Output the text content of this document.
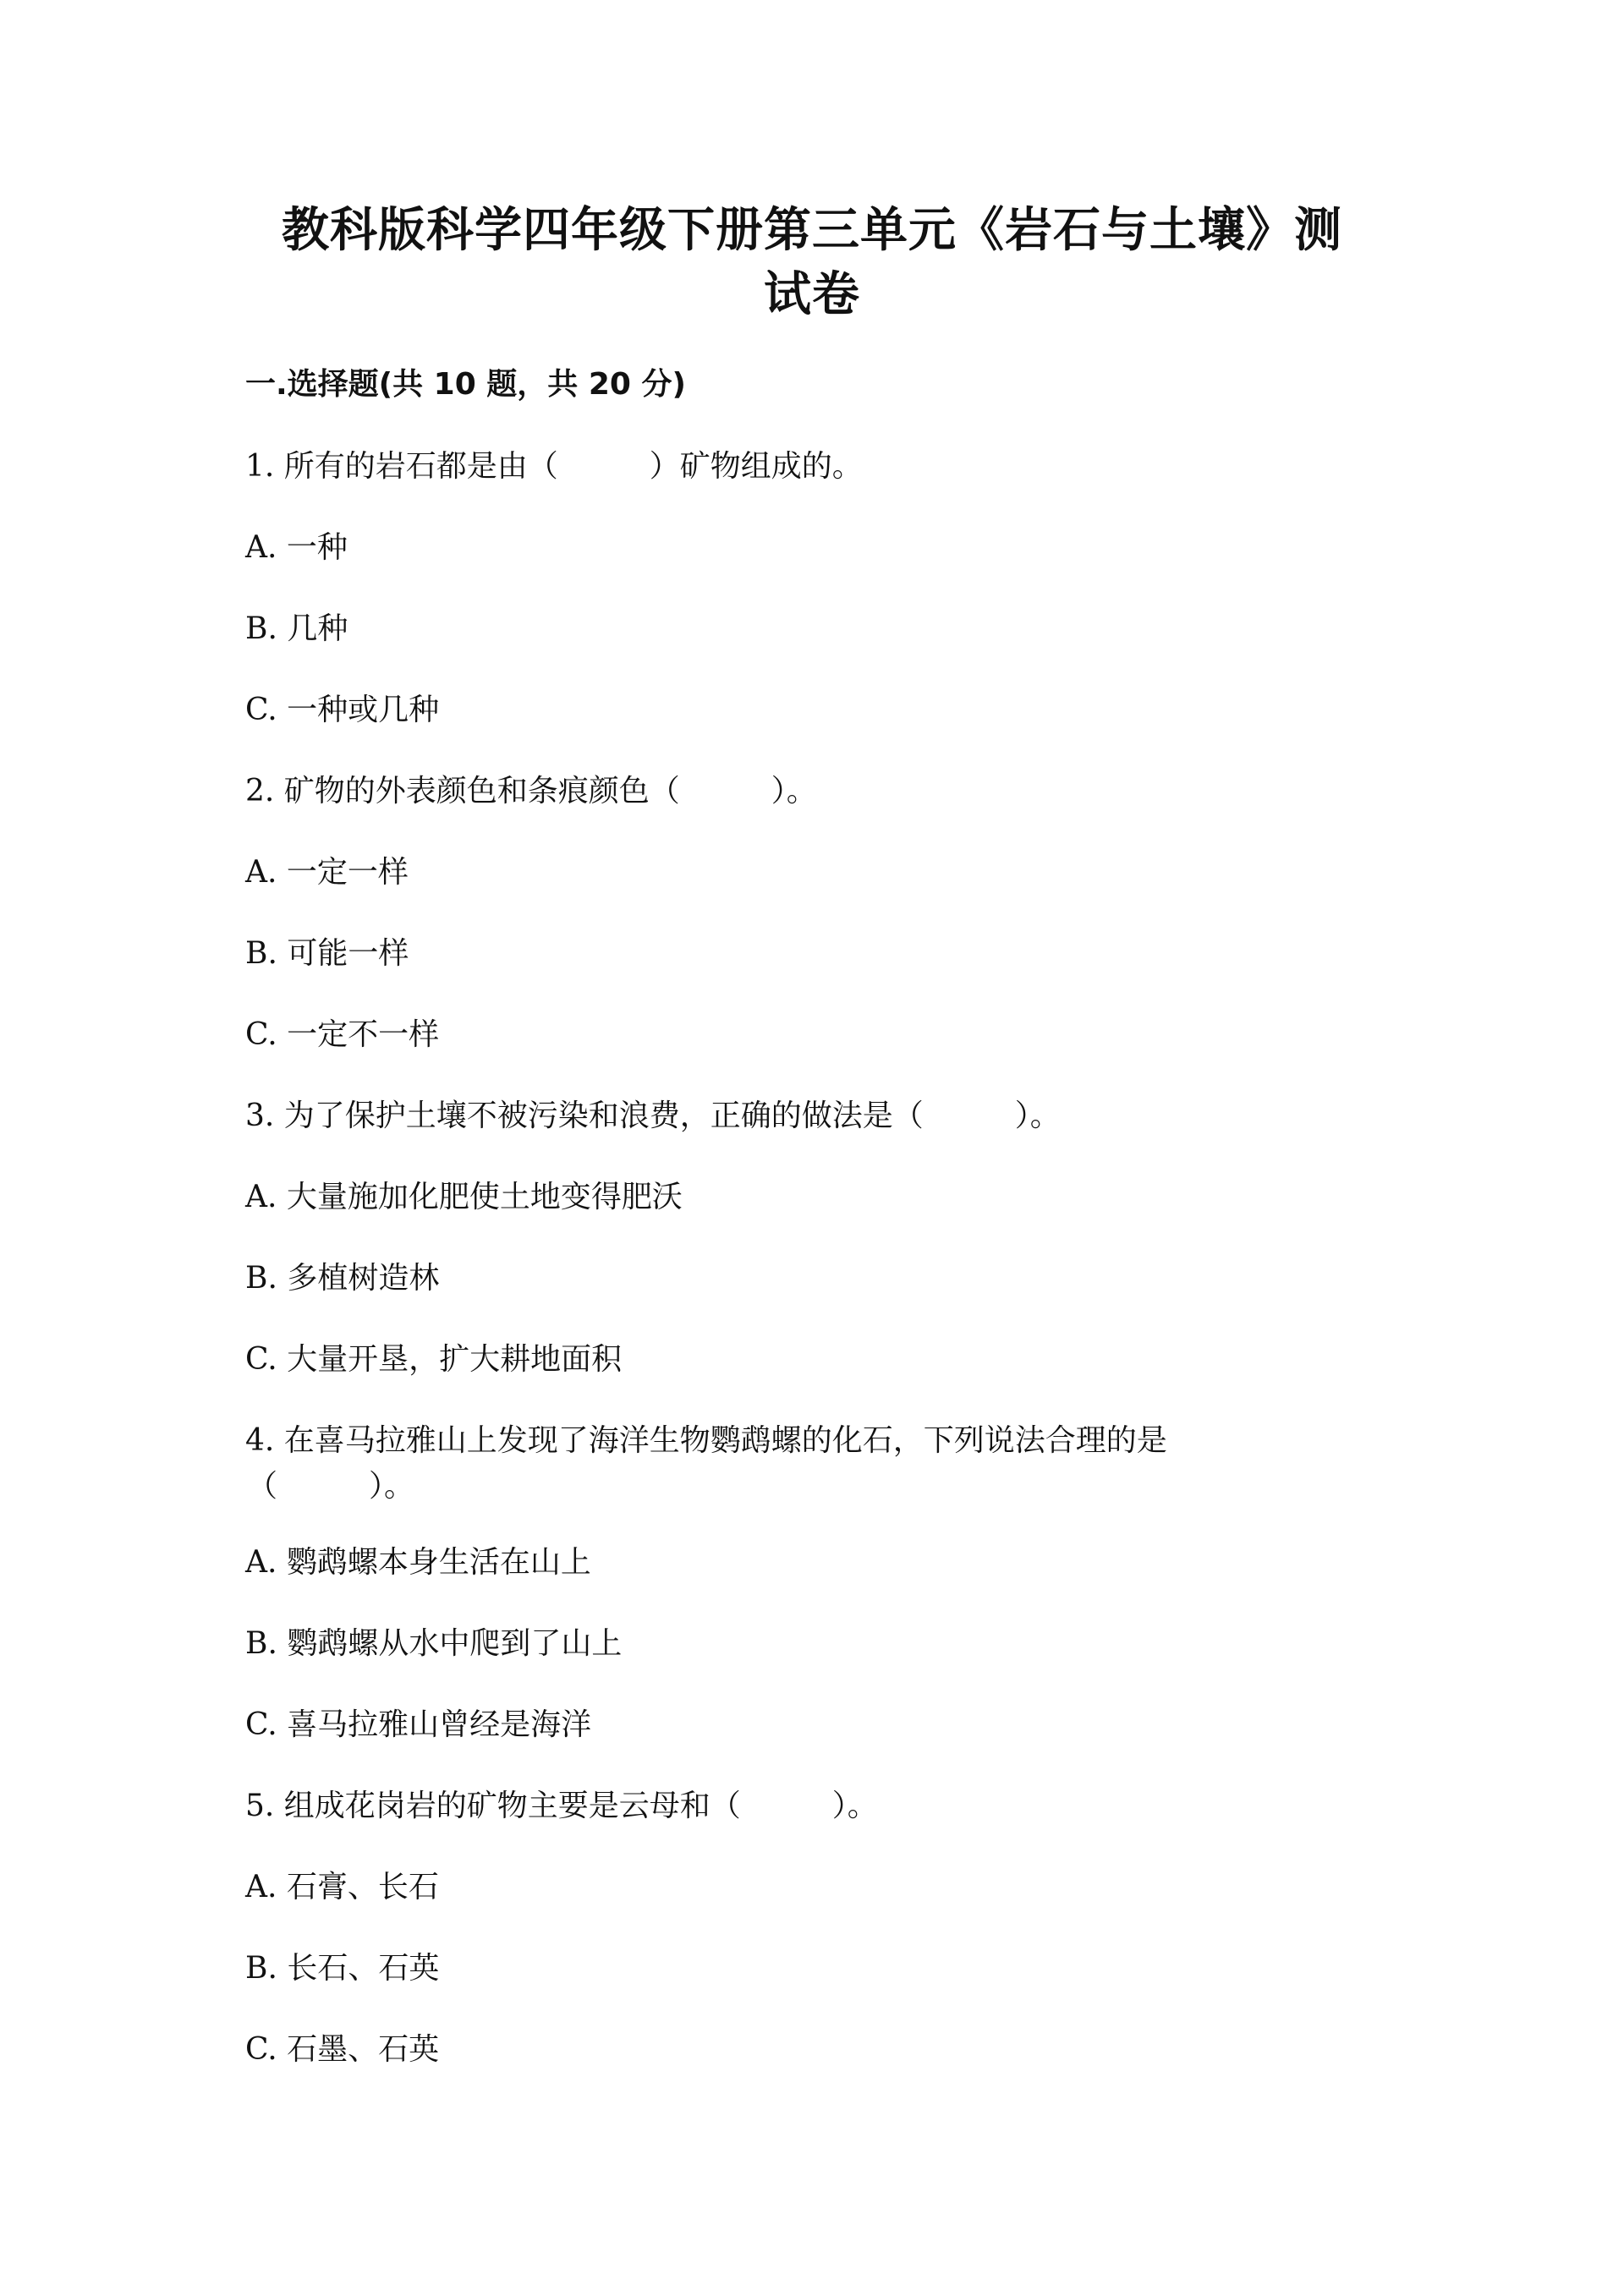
教科版科学四年级下册第三单元《岩石与土壤》测
试卷
一.选择题(共 10 题，共 20 分)
1. 所有的岩石都是由（　　　）矿物组成的。
A. 一种
B. 几种
C. 一种或几种
2. 矿物的外表颜色和条痕颜色（　　　）。
A. 一定一样
B. 可能一样
C. 一定不一样
3. 为了保护土壤不被污染和浪费，正确的做法是（　　　）。
A. 大量施加化肥使土地变得肥沃
B. 多植树造林
C. 大量开垦，扩大耕地面积
4. 在喜马拉雅山上发现了海洋生物鹦鹉螺的化石，下列说法合理的是
（　　　）。
A. 鹦鹉螺本身生活在山上
B. 鹦鹉螺从水中爬到了山上
C. 喜马拉雅山曾经是海洋
5. 组成花岗岩的矿物主要是云母和（　　　）。
A. 石膏、长石
B. 长石、石英
C. 石墨、石英
